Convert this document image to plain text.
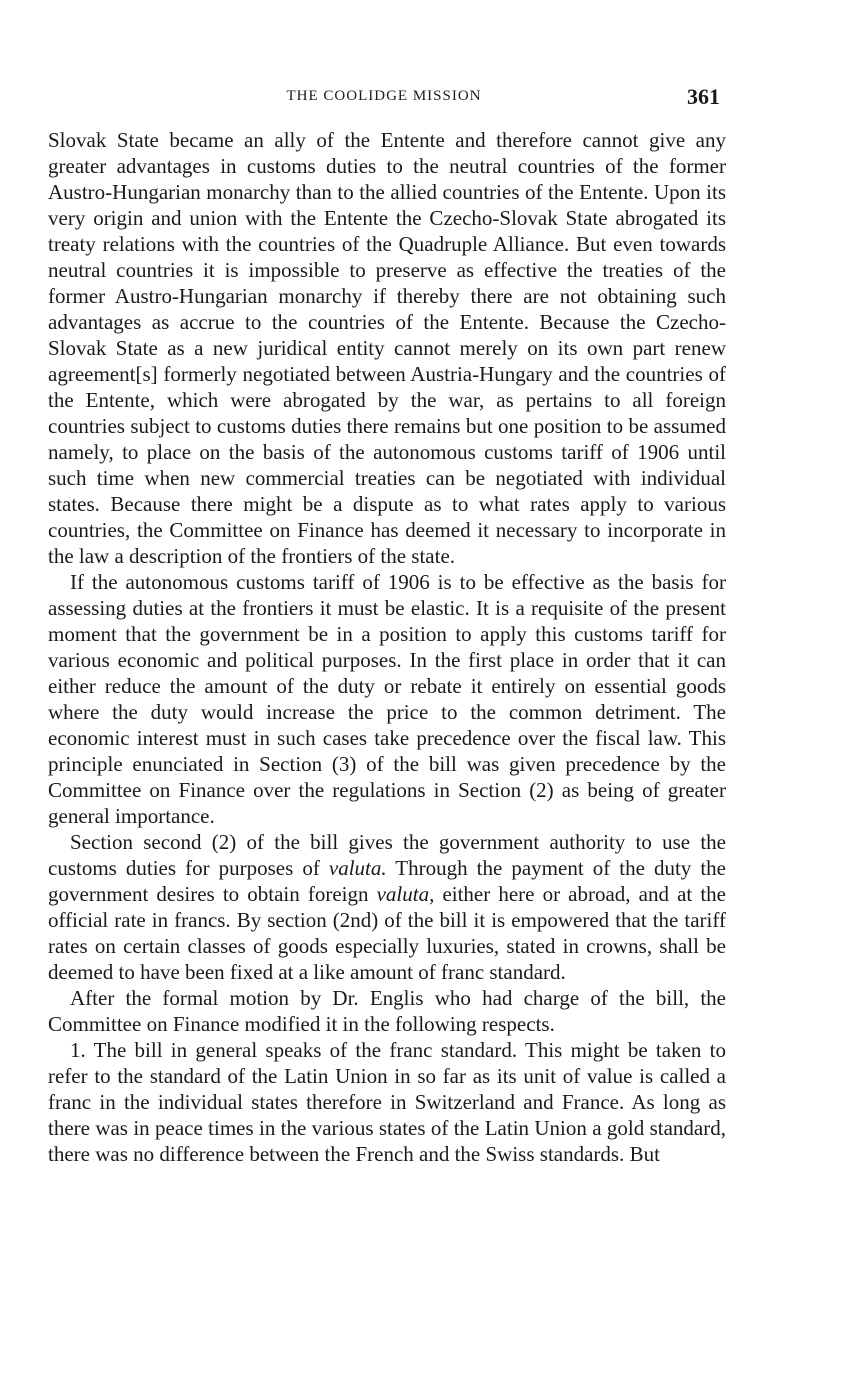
THE COOLIDGE MISSION	361

Slovak State became an ally of the Entente and therefore cannot give any greater advantages in customs duties to the neutral countries of the former Austro-Hungarian monarchy than to the allied countries of the Entente. Upon its very origin and union with the Entente the Czecho-Slovak State abrogated its treaty relations with the countries of the Quadruple Alliance. But even towards neutral countries it is impossible to preserve as effective the treaties of the former Austro-Hungarian monarchy if thereby there are not obtaining such advantages as accrue to the countries of the Entente. Because the Czecho-Slovak State as a new juridical entity cannot merely on its own part renew agreement[s] formerly negotiated between Austria-Hungary and the countries of the Entente, which were abrogated by the war, as pertains to all foreign countries subject to customs duties there remains but one position to be assumed namely, to place on the basis of the autonomous customs tariff of 1906 until such time when new commercial treaties can be negotiated with individual states. Because there might be a dispute as to what rates apply to various countries, the Committee on Finance has deemed it necessary to incorporate in the law a description of the frontiers of the state.

If the autonomous customs tariff of 1906 is to be effective as the basis for assessing duties at the frontiers it must be elastic. It is a requisite of the present moment that the government be in a position to apply this customs tariff for various economic and political purposes. In the first place in order that it can either reduce the amount of the duty or rebate it entirely on essential goods where the duty would increase the price to the common detriment. The economic interest must in such cases take precedence over the fiscal law. This principle enunciated in Section (3) of the bill was given precedence by the Committee on Finance over the regulations in Section (2) as being of greater general importance.

Section second (2) of the bill gives the government authority to use the customs duties for purposes of valuta. Through the payment of the duty the government desires to obtain foreign valuta, either here or abroad, and at the official rate in francs. By section (2nd) of the bill it is empowered that the tariff rates on certain classes of goods especially luxuries, stated in crowns, shall be deemed to have been fixed at a like amount of franc standard.

After the formal motion by Dr. Englis who had charge of the bill, the Committee on Finance modified it in the following respects.

1. The bill in general speaks of the franc standard. This might be taken to refer to the standard of the Latin Union in so far as its unit of value is called a franc in the individual states therefore in Switzerland and France. As long as there was in peace times in the various states of the Latin Union a gold standard, there was no difference between the French and the Swiss standards. But
